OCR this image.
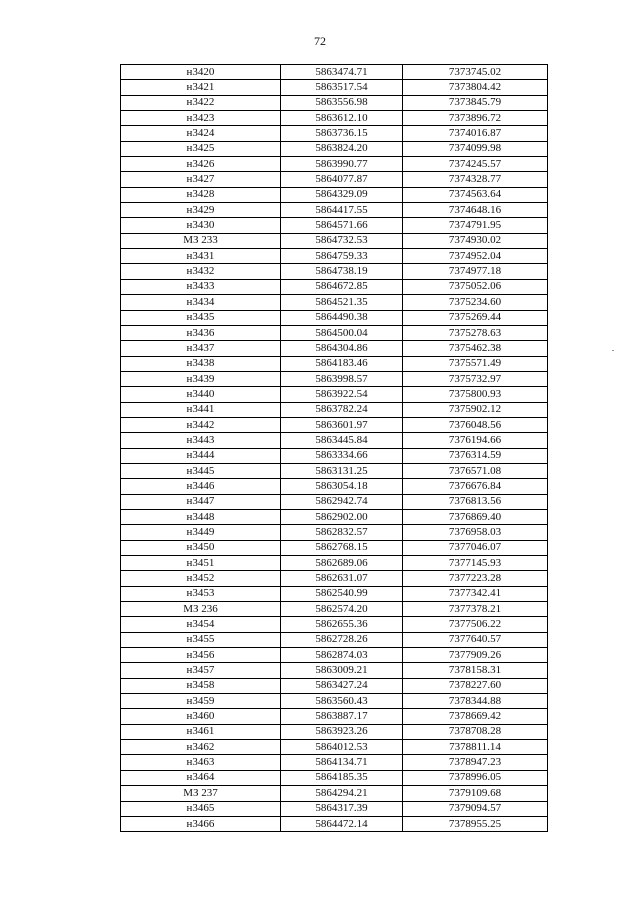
72
н3420	5863474.71	7373745.02
н3421	5863517.54	7373804.42
н3422	5863556.98	7373845.79
н3423	5863612.10	7373896.72
н3424	5863736.15	7374016.87
н3425	5863824.20	7374099.98
н3426	5863990.77	7374245.57
н3427	5864077.87	7374328.77
н3428	5864329.09	7374563.64
н3429	5864417.55	7374648.16
н3430	5864571.66	7374791.95
МЗ 233	5864732.53	7374930.02
н3431	5864759.33	7374952.04
н3432	5864738.19	7374977.18
н3433	5864672.85	7375052.06
н3434	5864521.35	7375234.60
н3435	5864490.38	7375269.44
н3436	5864500.04	7375278.63
н3437	5864304.86	7375462.38
н3438	5864183.46	7375571.49
н3439	5863998.57	7375732.97
н3440	5863922.54	7375800.93
н3441	5863782.24	7375902.12
н3442	5863601.97	7376048.56
н3443	5863445.84	7376194.66
н3444	5863334.66	7376314.59
н3445	5863131.25	7376571.08
н3446	5863054.18	7376676.84
н3447	5862942.74	7376813.56
н3448	5862902.00	7376869.40
н3449	5862832.57	7376958.03
н3450	5862768.15	7377046.07
н3451	5862689.06	7377145.93
н3452	5862631.07	7377223.28
н3453	5862540.99	7377342.41
МЗ 236	5862574.20	7377378.21
н3454	5862655.36	7377506.22
н3455	5862728.26	7377640.57
н3456	5862874.03	7377909.26
н3457	5863009.21	7378158.31
н3458	5863427.24	7378227.60
н3459	5863560.43	7378344.88
н3460	5863887.17	7378669.42
н3461	5863923.26	7378708.28
н3462	5864012.53	7378811.14
н3463	5864134.71	7378947.23
н3464	5864185.35	7378996.05
МЗ 237	5864294.21	7379109.68
н3465	5864317.39	7379094.57
н3466	5864472.14	7378955.25
